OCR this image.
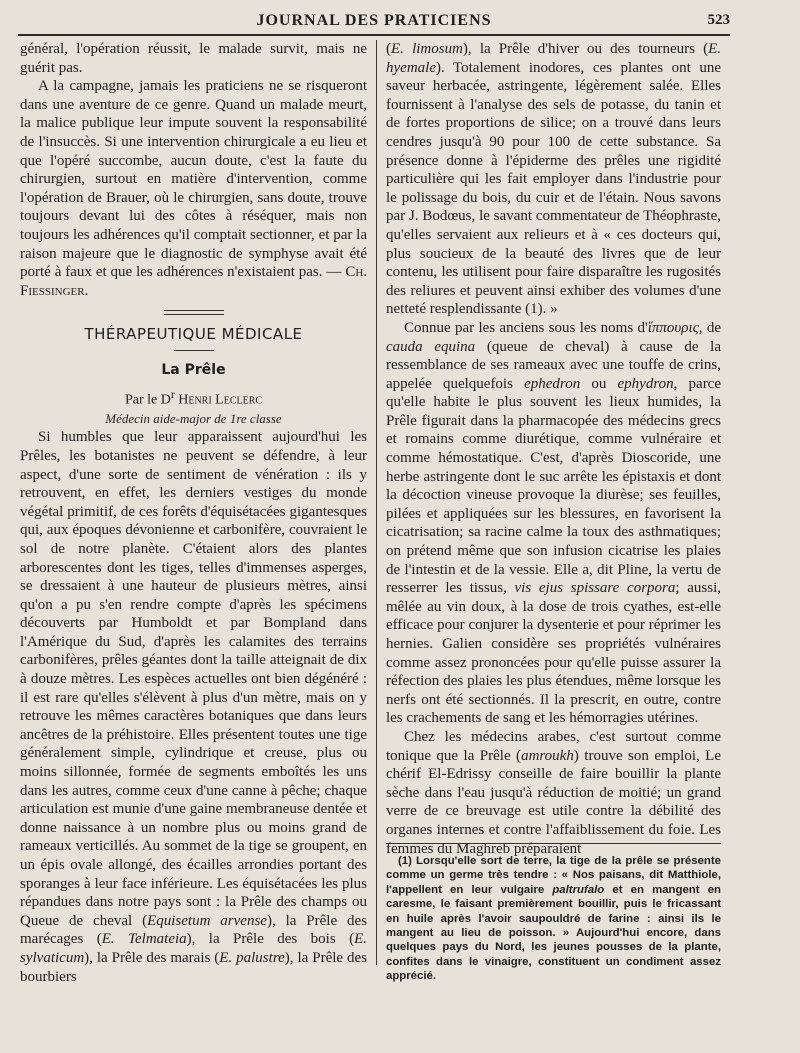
JOURNAL DES PRATICIENS	523

général, l'opération réussit, le malade survit, mais ne guérit pas.

A la campagne, jamais les praticiens ne se risqueront dans une aventure de ce genre. Quand un malade meurt, la malice publique leur impute souvent la responsabilité de l'insuccès. Si une intervention chirurgicale a eu lieu et que l'opéré succombe, aucun doute, c'est la faute du chirurgien, surtout en matière d'intervention, comme l'opération de Brauer, où le chirurgien, sans doute, trouve toujours devant lui des côtes à réséquer, mais non toujours les adhérences qu'il comptait sectionner, et par la raison majeure que le diagnostic de symphyse avait été porté à faux et que les adhérences n'existaient pas. — Ch. Fiessinger.

THÉRAPEUTIQUE MÉDICALE
La Prêle

Par le $D^r$ Henri Leclerc

Médecin aide-major de 1re classe

Si humbles que leur apparaissent aujourd'hui les Prêles, les botanistes ne peuvent se défendre, à leur aspect, d'une sorte de sentiment de vénération : ils y retrouvent, en effet, les derniers vestiges du monde végétal primitif, de ces forêts d'équisétacées gigantesques qui, aux époques dévonienne et carbonifère, couvraient le sol de notre planète. C'étaient alors des plantes arborescentes dont les tiges, telles d'immenses asperges, se dressaient à une hauteur de plusieurs mètres, ainsi qu'on a pu s'en rendre compte d'après les spécimens découverts par Humboldt et par Bompland dans l'Amérique du Sud, d'après les calamites des terrains carbonifères, prêles géantes dont la taille atteignait de dix à douze mètres. Les espèces actuelles ont bien dégénéré : il est rare qu'elles s'élèvent à plus d'un mètre, mais on y retrouve les mêmes caractères botaniques que dans leurs ancêtres de la préhistoire. Elles présentent toutes une tige généralement simple, cylindrique et creuse, plus ou moins sillonnée, formée de segments emboîtés les uns dans les autres, comme ceux d'une canne à pêche; chaque articulation est munie d'une gaine membraneuse dentée et donne naissance à un nombre plus ou moins grand de rameaux verticillés. Au sommet de la tige se groupent, en un épis ovale allongé, des écailles arrondies portant des sporanges à leur face inférieure. Les équisétacées les plus répandues dans notre pays sont : la Prêle des champs ou Queue de cheval (Equisetum arvense), la Prêle des marécages (E. Telmateia), la Prêle des bois (E. sylvaticum), la Prêle des marais (E. palustre), la Prêle des bourbiers

(E. limosum), la Prêle d'hiver ou des tourneurs (E. hyemale). Totalement inodores, ces plantes ont une saveur herbacée, astringente, légèrement salée. Elles fournissent à l'analyse des sels de potasse, du tanin et de fortes proportions de silice; on a trouvé dans leurs cendres jusqu'à 90 pour 100 de cette substance. Sa présence donne à l'épiderme des prêles une rigidité particulière qui les fait employer dans l'industrie pour le polissage du bois, du cuir et de l'étain. Nous savons par J. Bodœus, le savant commentateur de Théophraste, qu'elles servaient aux relieurs et à « ces docteurs qui, plus soucieux de la beauté des livres que de leur contenu, les utilisent pour faire disparaître les rugosités des reliures et peuvent ainsi exhiber des volumes d'une netteté resplendissante (1). »

Connue par les anciens sous les noms d'ἵππουρις, de cauda equina (queue de cheval) à cause de la ressemblance de ses rameaux avec une touffe de crins, appelée quelquefois ephedron ou ephydron, parce qu'elle habite le plus souvent les lieux humides, la Prêle figurait dans la pharmacopée des médecins grecs et romains comme diurétique, comme vulnéraire et comme hémostatique. C'est, d'après Dioscoride, une herbe astringente dont le suc arrête les épistaxis et dont la décoction vineuse provoque la diurèse; ses feuilles, pilées et appliquées sur les blessures, en favorisent la cicatrisation; sa racine calme la toux des asthmatiques; on prétend même que son infusion cicatrise les plaies de l'intestin et de la vessie. Elle a, dit Pline, la vertu de resserrer les tissus, vis ejus spissare corpora; aussi, mêlée au vin doux, à la dose de trois cyathes, est-elle efficace pour conjurer la dysenterie et pour réprimer les hernies. Galien considère ses propriétés vulnéraires comme assez prononcées pour qu'elle puisse assurer la réfection des plaies les plus étendues, même lorsque les nerfs ont été sectionnés. Il la prescrit, en outre, contre les crachements de sang et les hémorragies utérines.

Chez les médecins arabes, c'est surtout comme tonique que la Prêle (amroukh) trouve son emploi, Le chérif El-Edrissy conseille de faire bouillir la plante sèche dans l'eau jusqu'à réduction de moitié; un grand verre de ce breuvage est utile contre la débilité des organes internes et contre l'affaiblissement du foie. Les femmes du Maghreb préparaient

(1) Lorsqu'elle sort de terre, la tige de la prêle se présente comme un germe très tendre : « Nos paisans, dit Matthiole, l'appellent en leur vulgaire paltrufalo et en mangent en caresme, le faisant premièrement bouillir, puis le fricassant en huile après l'avoir saupouldré de farine : ainsi ils le mangent au lieu de poisson. » Aujourd'hui encore, dans quelques pays du Nord, les jeunes pousses de la plante, confites dans le vinaigre, constituent un condiment assez apprécié.
